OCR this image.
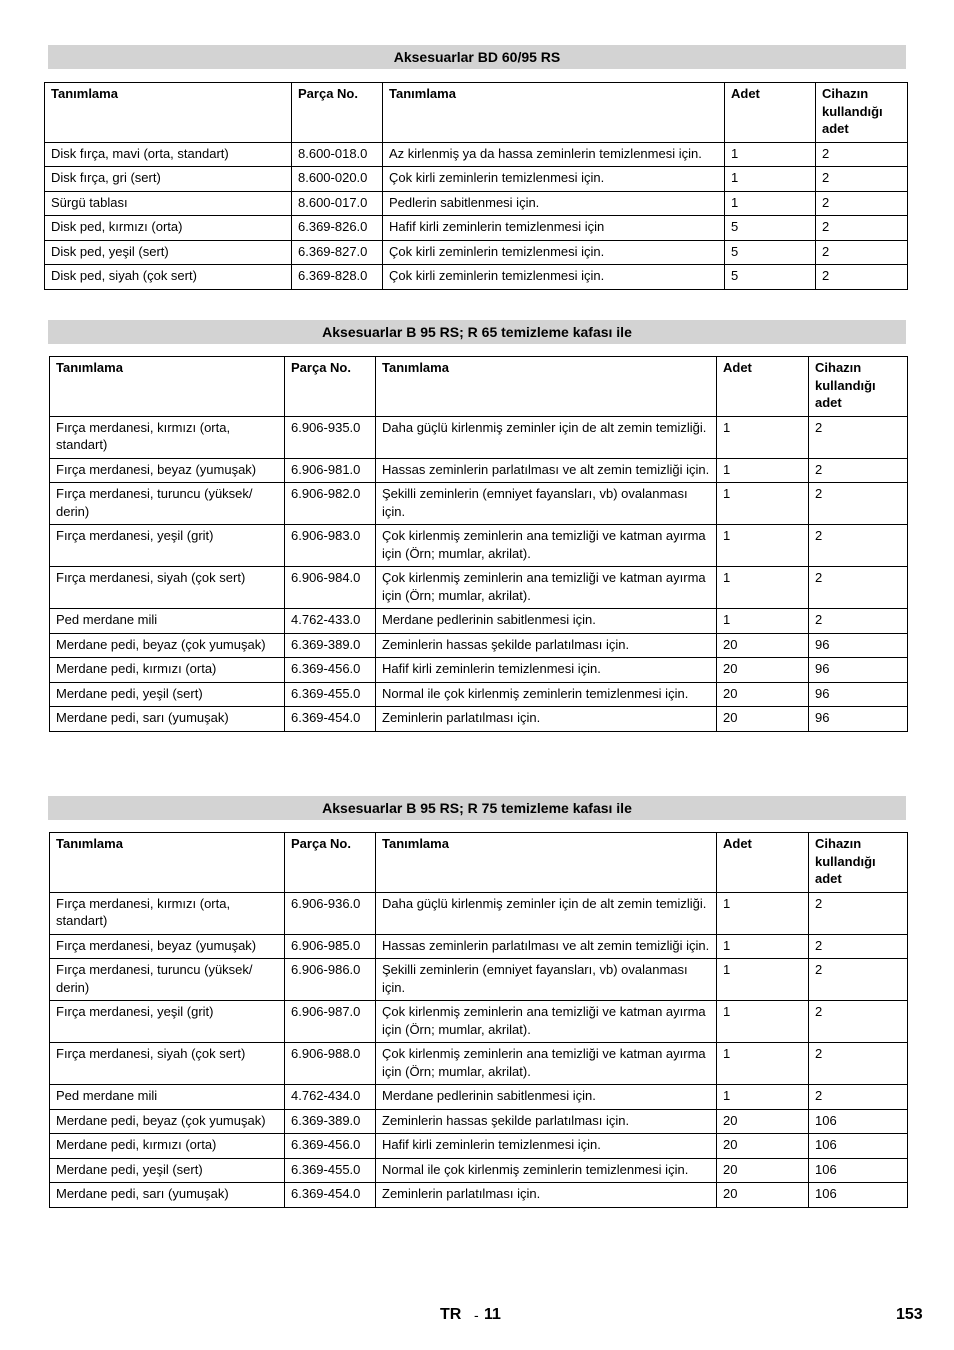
Aksesuarlar BD 60/95 RS
Tanımlama	Parça No.	Tanımlama	Adet	Cihazın kullandığı adet
Disk fırça, mavi (orta, standart)	8.600-018.0	Az kirlenmiş ya da hassa zeminlerin temizlenmesi için.	1	2
Disk fırça, gri (sert)	8.600-020.0	Çok kirli zeminlerin temizlenmesi için.	1	2
Sürgü tablası	8.600-017.0	Pedlerin sabitlenmesi için.	1	2
Disk ped, kırmızı (orta)	6.369-826.0	Hafif kirli zeminlerin temizlenmesi için	5	2
Disk ped, yeşil (sert)	6.369-827.0	Çok kirli zeminlerin temizlenmesi için.	5	2
Disk ped, siyah (çok sert)	6.369-828.0	Çok kirli zeminlerin temizlenmesi için.	5	2
Aksesuarlar B 95 RS; R 65 temizleme kafası ile
Tanımlama	Parça No.	Tanımlama	Adet	Cihazın kullandığı adet
Fırça merdanesi, kırmızı (orta, standart)	6.906-935.0	Daha güçlü kirlenmiş zeminler için de alt zemin temizliği.	1	2
Fırça merdanesi, beyaz (yumuşak)	6.906-981.0	Hassas zeminlerin parlatılması ve alt zemin temizliği için.	1	2
Fırça merdanesi, turuncu (yüksek/ derin)	6.906-982.0	Şekilli zeminlerin (emniyet fayansları, vb) ovalanması için.	1	2
Fırça merdanesi, yeşil (grit)	6.906-983.0	Çok kirlenmiş zeminlerin ana temizliği ve katman ayırma için (Örn; mumlar, akrilat).	1	2
Fırça merdanesi, siyah (çok sert)	6.906-984.0	Çok kirlenmiş zeminlerin ana temizliği ve katman ayırma için (Örn; mumlar, akrilat).	1	2
Ped merdane mili	4.762-433.0	Merdane pedlerinin sabitlenmesi için.	1	2
Merdane pedi, beyaz (çok yumuşak)	6.369-389.0	Zeminlerin hassas şekilde parlatılması için.	20	96
Merdane pedi, kırmızı (orta)	6.369-456.0	Hafif kirli zeminlerin temizlenmesi için.	20	96
Merdane pedi, yeşil (sert)	6.369-455.0	Normal ile çok kirlenmiş zeminlerin temizlenmesi için.	20	96
Merdane pedi, sarı (yumuşak)	6.369-454.0	Zeminlerin parlatılması için.	20	96
Aksesuarlar B 95 RS; R 75 temizleme kafası ile
Tanımlama	Parça No.	Tanımlama	Adet	Cihazın kullandığı adet
Fırça merdanesi, kırmızı (orta, standart)	6.906-936.0	Daha güçlü kirlenmiş zeminler için de alt zemin temizliği.	1	2
Fırça merdanesi, beyaz (yumuşak)	6.906-985.0	Hassas zeminlerin parlatılması ve alt zemin temizliği için.	1	2
Fırça merdanesi, turuncu (yüksek/ derin)	6.906-986.0	Şekilli zeminlerin (emniyet fayansları, vb) ovalanması için.	1	2
Fırça merdanesi, yeşil (grit)	6.906-987.0	Çok kirlenmiş zeminlerin ana temizliği ve katman ayırma için (Örn; mumlar, akrilat).	1	2
Fırça merdanesi, siyah (çok sert)	6.906-988.0	Çok kirlenmiş zeminlerin ana temizliği ve katman ayırma için (Örn; mumlar, akrilat).	1	2
Ped merdane mili	4.762-434.0	Merdane pedlerinin sabitlenmesi için.	1	2
Merdane pedi, beyaz (çok yumuşak)	6.369-389.0	Zeminlerin hassas şekilde parlatılması için.	20	106
Merdane pedi, kırmızı (orta)	6.369-456.0	Hafif kirli zeminlerin temizlenmesi için.	20	106
Merdane pedi, yeşil (sert)	6.369-455.0	Normal ile çok kirlenmiş zeminlerin temizlenmesi için.	20	106
Merdane pedi, sarı (yumuşak)	6.369-454.0	Zeminlerin parlatılması için.	20	106
TR - 11	153
